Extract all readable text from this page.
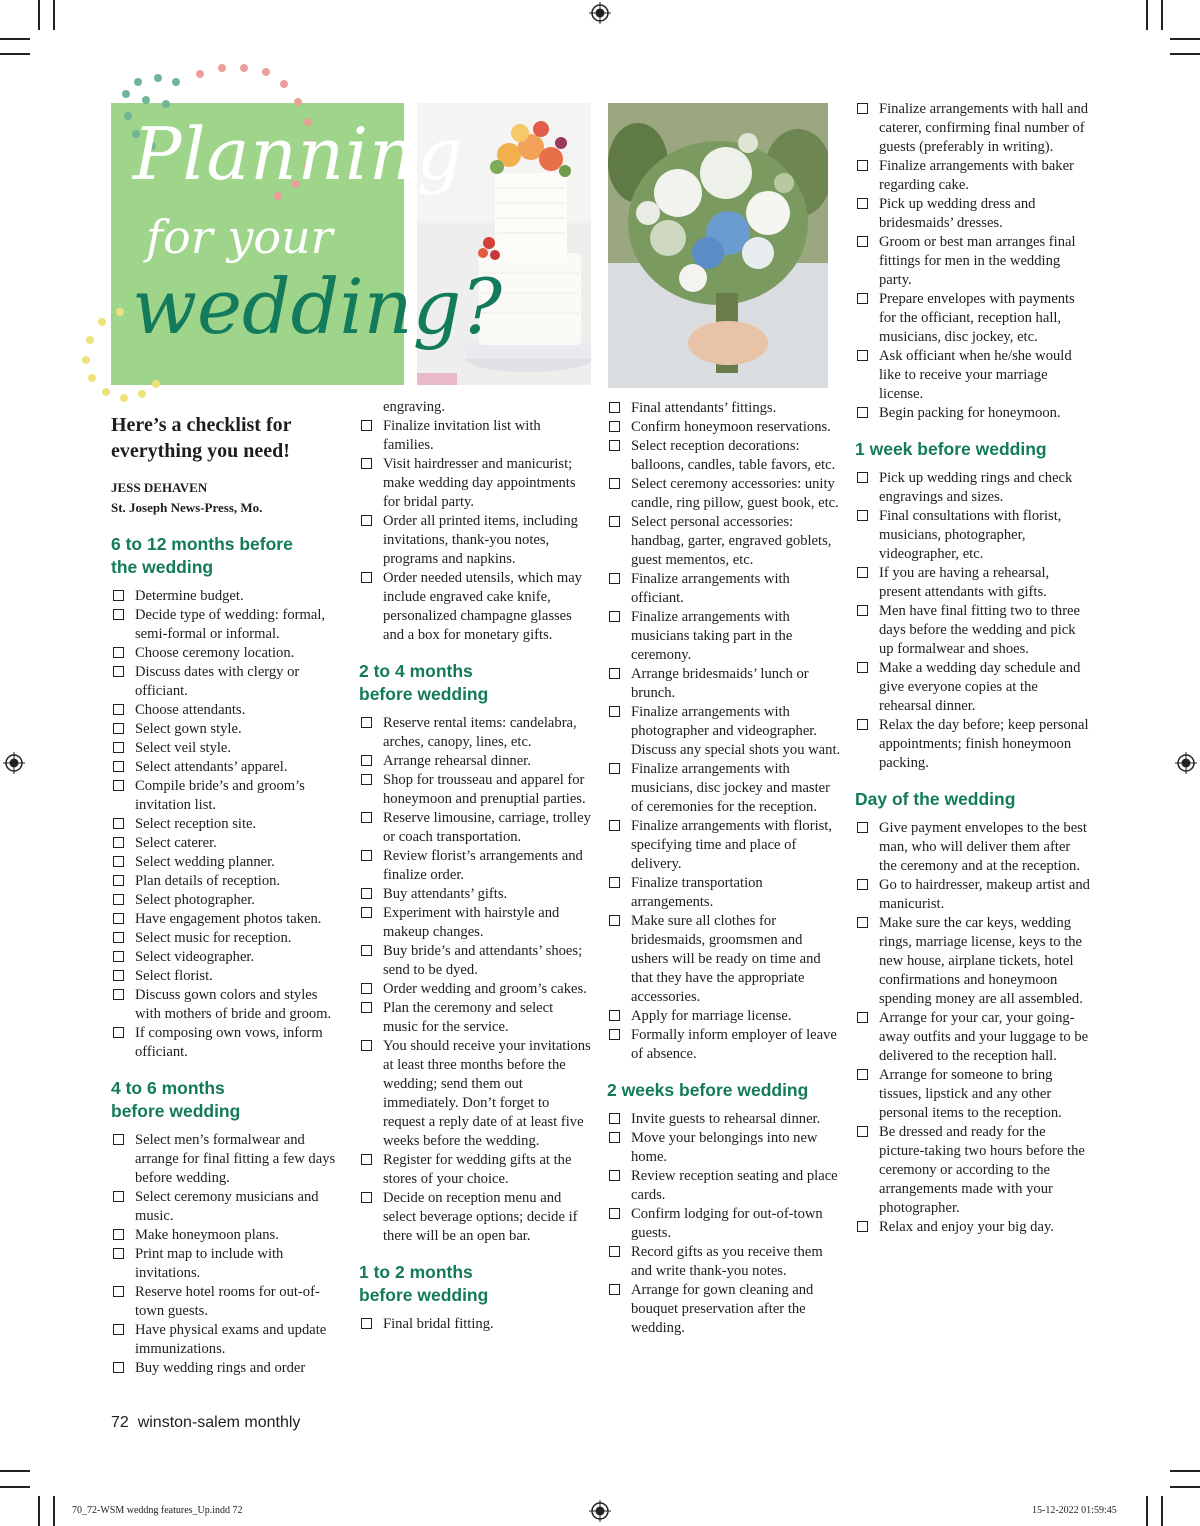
Planning
for your
wedding?
Here’s a checklist for everything you need!
JESS DEHAVEN
St. Joseph News-Press, Mo.
6 to 12 months before the wedding
Determine budget.
Decide type of wedding: formal, semi-formal or informal.
Choose ceremony location.
Discuss dates with clergy or officiant.
Choose attendants.
Select gown style.
Select veil style.
Select attendants’ apparel.
Compile bride’s and groom’s invitation list.
Select reception site.
Select caterer.
Select wedding planner.
Plan details of reception.
Select photographer.
Have engagement photos taken.
Select music for reception.
Select videographer.
Select florist.
Discuss gown colors and styles with mothers of bride and groom.
If composing own vows, inform officiant.
4 to 6 months before wedding
Select men’s formalwear and arrange for final fitting a few days before wedding.
Select ceremony musicians and music.
Make honeymoon plans.
Print map to include with invitations.
Reserve hotel rooms for out-of-town guests.
Have physical exams and update immunizations.
Buy wedding rings and order

engraving.

Finalize invitation list with families.
Visit hairdresser and manicurist; make wedding day appointments for bridal party.
Order all printed items, including invitations, thank-you notes, programs and napkins.
Order needed utensils, which may include engraved cake knife, personalized champagne glasses and a box for monetary gifts.
2 to 4 months before wedding
Reserve rental items: candelabra, arches, canopy, lines, etc.
Arrange rehearsal dinner.
Shop for trousseau and apparel for honeymoon and prenuptial parties.
Reserve limousine, carriage, trolley or coach transportation.
Review florist’s arrangements and finalize order.
Buy attendants’ gifts.
Experiment with hairstyle and makeup changes.
Buy bride’s and attendants’ shoes; send to be dyed.
Order wedding and groom’s cakes.
Plan the ceremony and select music for the service.
You should receive your invitations at least three months before the wedding; send them out immediately. Don’t forget to request a reply date of at least five weeks before the wedding.
Register for wedding gifts at the stores of your choice.
Decide on reception menu and select beverage options; decide if there will be an open bar.
1 to 2 months before wedding
Final bridal fitting.
Final attendants’ fittings.
Confirm honeymoon reservations.
Select reception decorations: balloons, candles, table favors, etc.
Select ceremony accessories: unity candle, ring pillow, guest book, etc.
Select personal accessories: handbag, garter, engraved goblets, guest mementos, etc.
Finalize arrangements with officiant.
Finalize arrangements with musicians taking part in the ceremony.
Arrange bridesmaids’ lunch or brunch.
Finalize arrangements with photographer and videographer. Discuss any special shots you want.
Finalize arrangements with musicians, disc jockey and master of ceremonies for the reception.
Finalize arrangements with florist, specifying time and place of delivery.
Finalize transportation arrangements.
Make sure all clothes for bridesmaids, groomsmen and ushers will be ready on time and that they have the appropriate accessories.
Apply for marriage license.
Formally inform employer of leave of absence.
2 weeks before wedding
Invite guests to rehearsal dinner.
Move your belongings into new home.
Review reception seating and place cards.
Confirm lodging for out-of-town guests.
Record gifts as you receive them and write thank-you notes.
Arrange for gown cleaning and bouquet preservation after the wedding.
Finalize arrangements with hall and caterer, confirming final number of guests (preferably in writing).
Finalize arrangements with baker regarding cake.
Pick up wedding dress and bridesmaids’ dresses.
Groom or best man arranges final fittings for men in the wedding party.
Prepare envelopes with payments for the officiant, reception hall, musicians, disc jockey, etc.
Ask officiant when he/she would like to receive your marriage license.
Begin packing for honeymoon.
1 week before wedding
Pick up wedding rings and check engravings and sizes.
Final consultations with florist, musicians, photographer, videographer, etc.
If you are having a rehearsal, present attendants with gifts.
Men have final fitting two to three days before the wedding and pick up formalwear and shoes.
Make a wedding day schedule and give everyone copies at the rehearsal dinner.
Relax the day before; keep personal appointments; finish honeymoon packing.
Day of the wedding
Give payment envelopes to the best man, who will deliver them after the ceremony and at the reception.
Go to hairdresser, makeup artist and manicurist.
Make sure the car keys, wedding rings, marriage license, keys to the new house, airplane tickets, hotel confirmations and honeymoon spending money are all assembled.
Arrange for your car, your going-away outfits and your luggage to be delivered to the reception hall.
Arrange for someone to bring tissues, lipstick and any other personal items to the reception.
Be dressed and ready for the picture-taking two hours before the ceremony or according to the arrangements made with your photographer.
Relax and enjoy your big day.
72 winston-salem monthly
70_72-WSM weddng features_Up.indd 72	15-12-2022 01:59:45
